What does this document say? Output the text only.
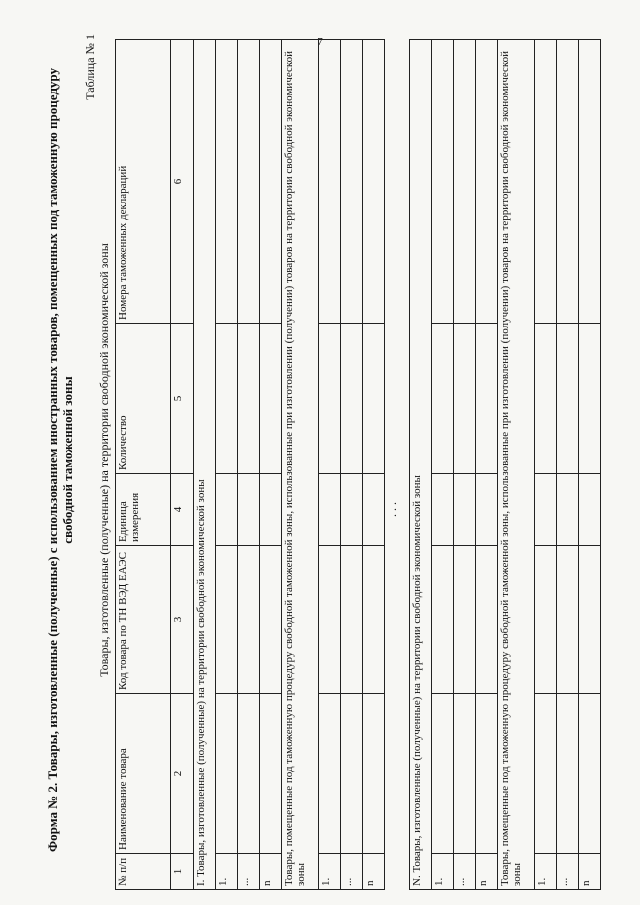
7
Форма № 2. Товары, изготовленные (полученные) с использованием иностранных товаров, помещенных под таможенную процедуру свободной таможенной зоны
Таблица № 1
Товары, изготовленные (полученные) на территории свободной экономической зоны
№ п/п	Наименование товара	Код товара по ТН ВЭД ЕАЭС	Единица измерения	Количество	Номера таможенных деклараций
1	2	3	4	5	6
I. Товары, изготовленные (полученные) на территории свободной экономической зоны					
1.					
...					
n					
Товары, помещенные под таможенную процедуру свободной таможенной зоны, использованные при изготовлении (получении) товаров на территории свободной экономической зоны					
1.					
...					
n					
			. . .		
N. Товары, изготовленные (полученные) на территории свободной экономической зоны					
1.					
...					
n					
Товары, помещенные под таможенную процедуру свободной таможенной зоны, использованные при изготовлении (получении) товаров на территории свободной экономической зоны					
1.					
...					
n					
